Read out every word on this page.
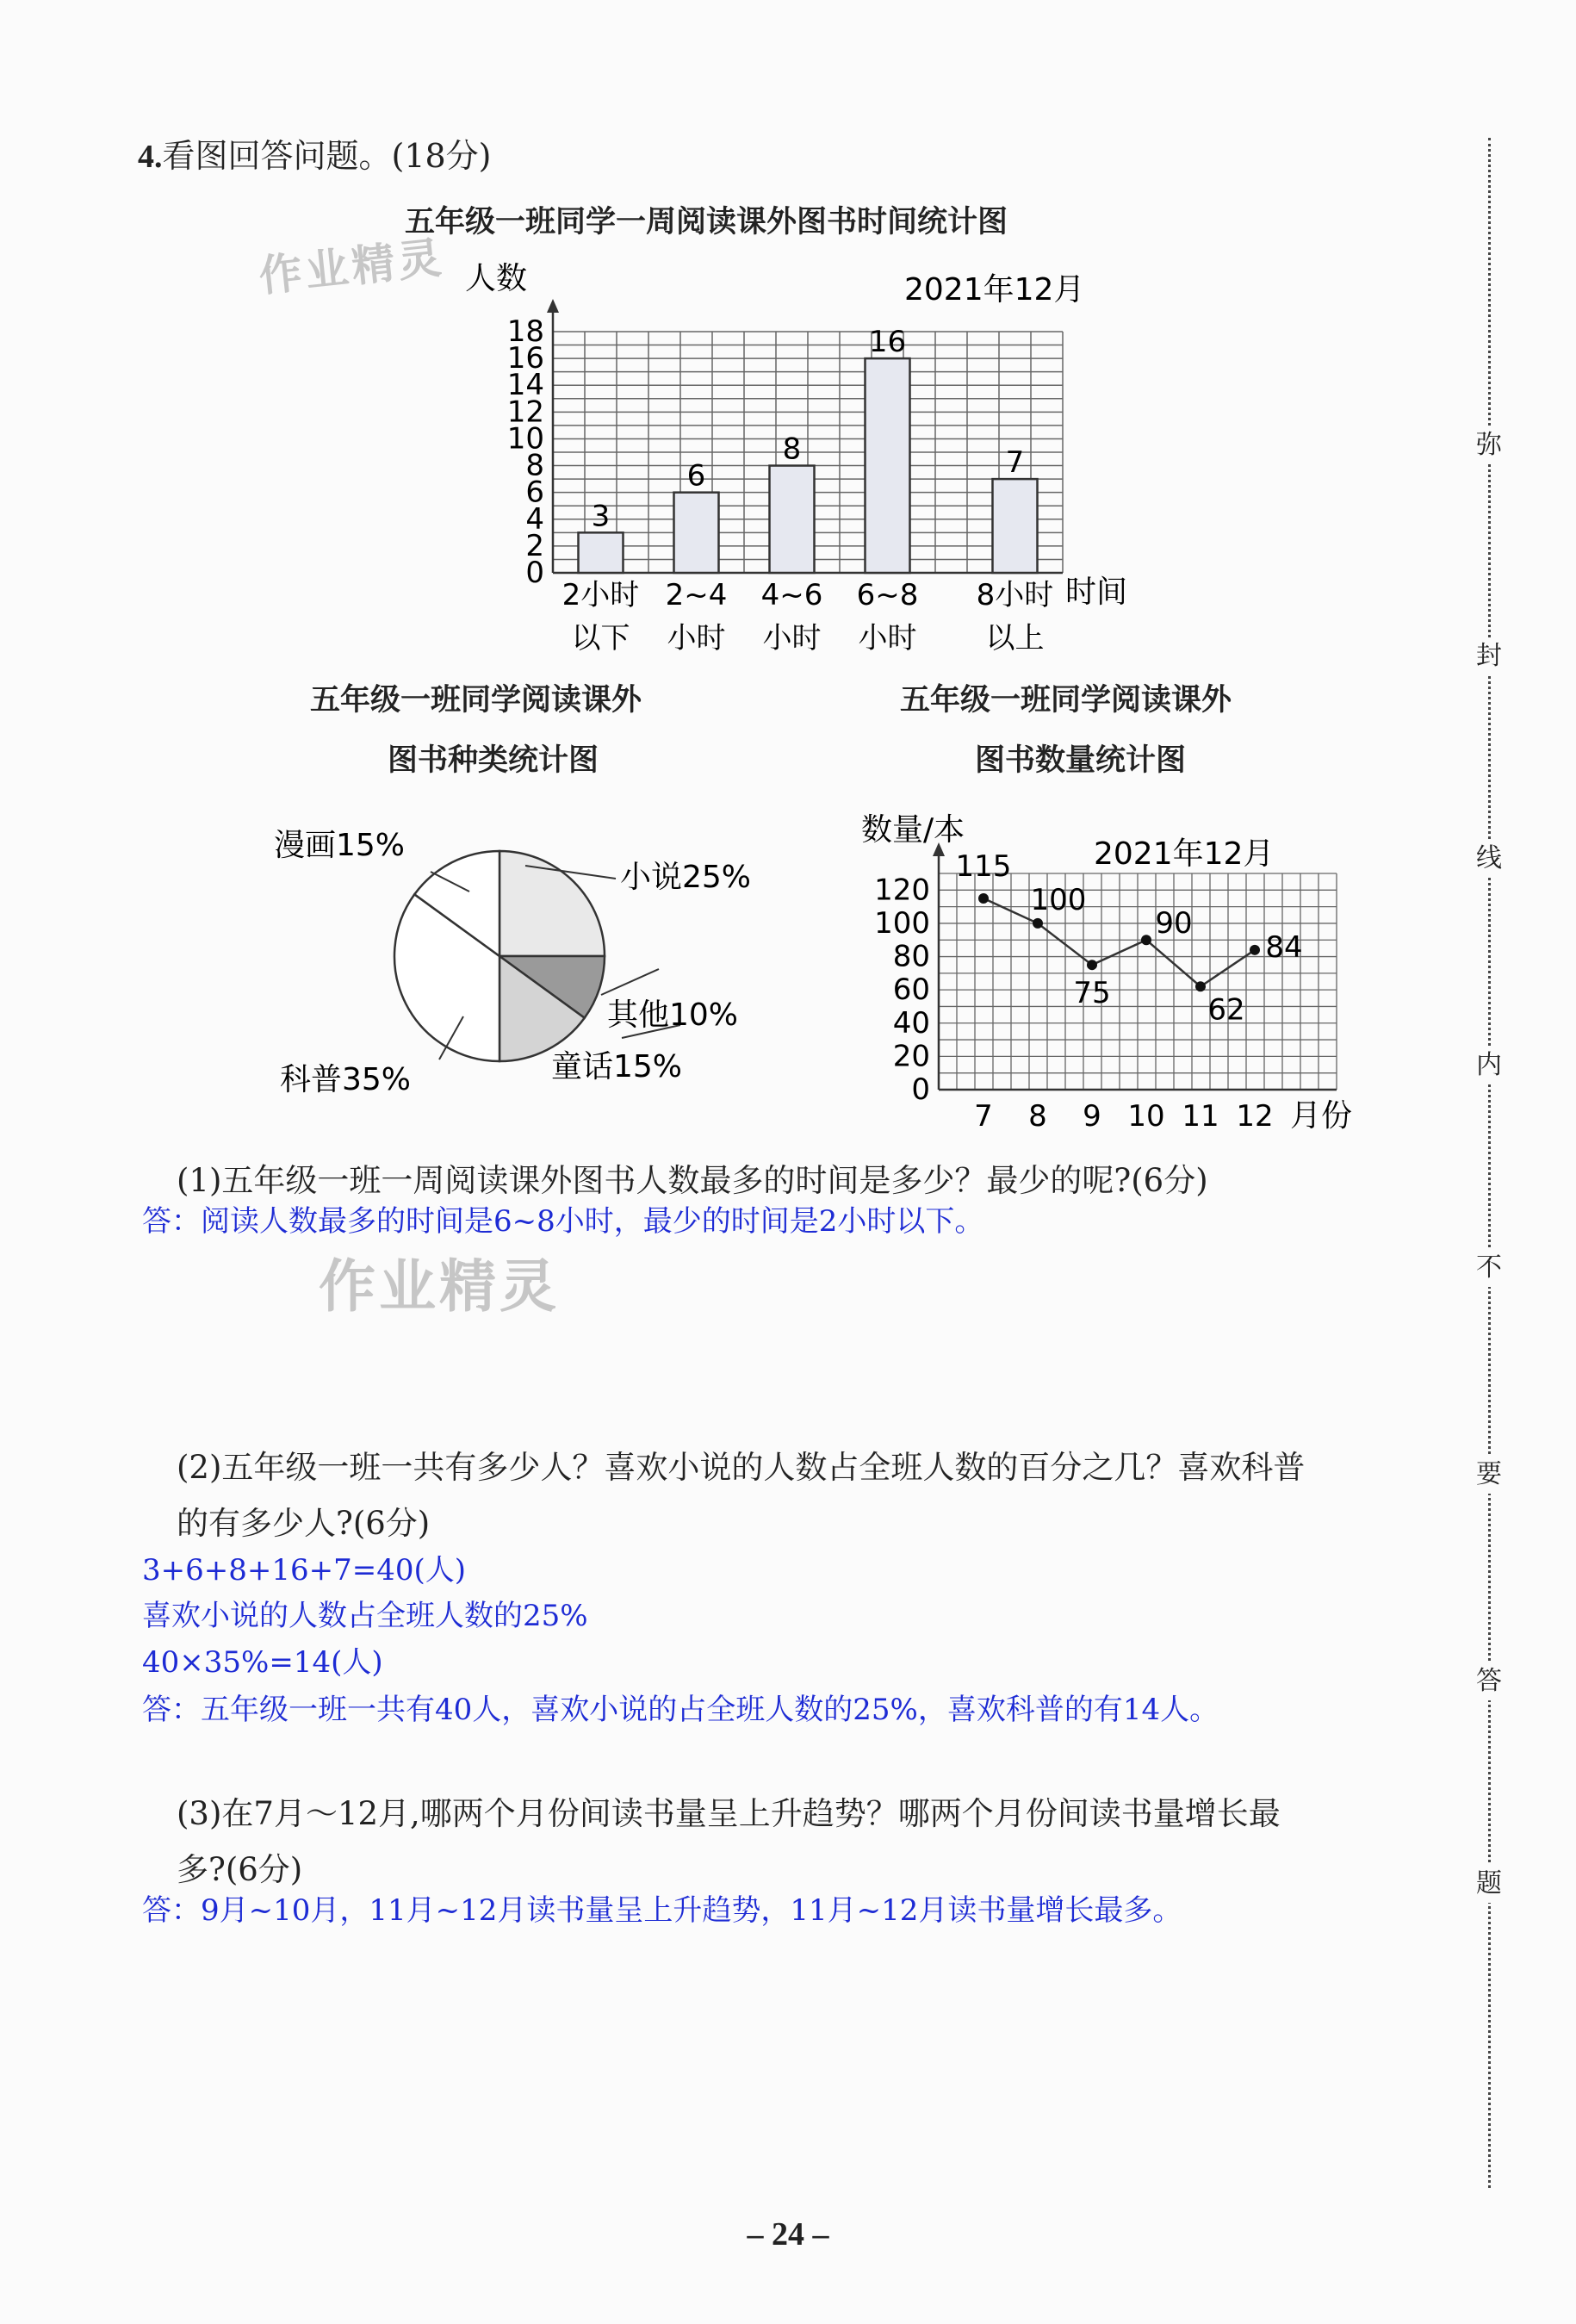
4.看图回答问题。(18分)
作业精灵
五年级一班同学一周阅读课外图书时间统计图
0
2
4
6
8
10
12
14
16
18
3
2小时
以下
6
2~4
小时
8
4~6
小时
16
6~8
小时
7
8小时
以上
人数	2021年12月
时间
五年级一班同学阅读课外
图书种类统计图
五年级一班同学阅读课外
图书数量统计图
小说25%
其他10%
童话15%
科普35%
漫画15%
0
20
40
60
80
100
120
115
7
100
8
75
9
90
10
62
11
84
12
数量/本
2021年12月
月份
(1)五年级一班一周阅读课外图书人数最多的时间是多少？最少的呢?(6分)
答：阅读人数最多的时间是6~8小时，最少的时间是2小时以下。
作业精灵
(2)五年级一班一共有多少人？喜欢小说的人数占全班人数的百分之几？喜欢科普
的有多少人?(6分)
3+6+8+16+7=40(人)
喜欢小说的人数占全班人数的25%
40×35%=14(人)
答：五年级一班一共有40人，喜欢小说的占全班人数的25%，喜欢科普的有14人。
(3)在7月～12月,哪两个月份间读书量呈上升趋势？哪两个月份间读书量增长最
多?(6分)
答：9月~10月，11月~12月读书量呈上升趋势，11月~12月读书量增长最多。
弥
封
线
内
不
要
答
题
– 24 –
